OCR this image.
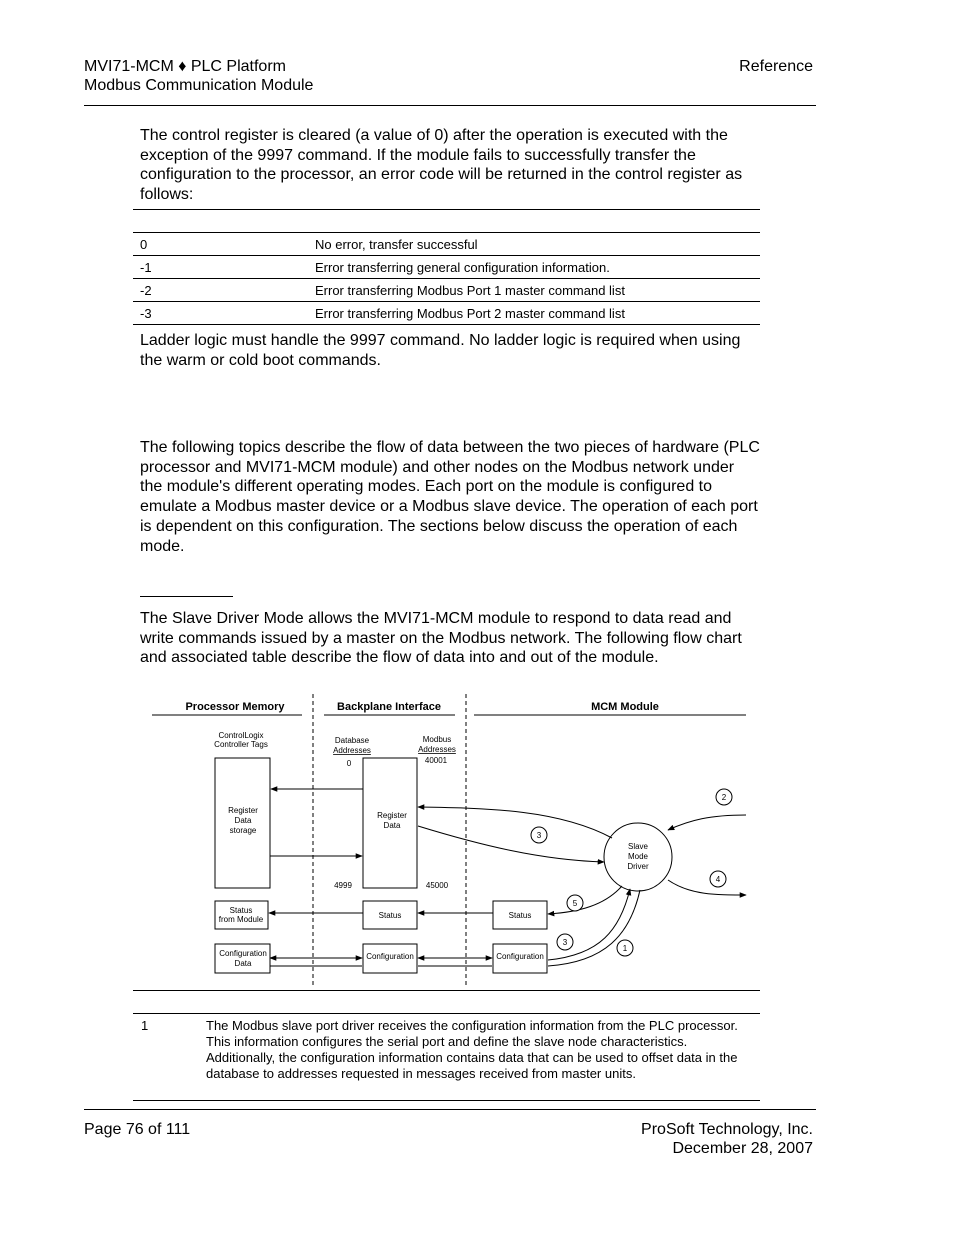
MVI71-MCM ♦ PLC Platform
Modbus Communication Module
Reference
The control register is cleared (a value of 0) after the operation is executed with the exception of the 9997 command. If the module fails to successfully transfer the configuration to the processor, an error code will be returned in the control register as follows:
0	No error, transfer successful
-1	Error transferring general configuration information.
-2	Error transferring Modbus Port 1 master command list
-3	Error transferring Modbus Port 2 master command list
Ladder logic must handle the 9997 command. No ladder logic is required when using the warm or cold boot commands.
The following topics describe the flow of data between the two pieces of hardware (PLC processor and MVI71-MCM module) and other nodes on the Modbus network under the module's different operating modes. Each port on the module is configured to emulate a Modbus master device or a Modbus slave device. The operation of each port is dependent on this configuration. The sections below discuss the operation of each mode.
The Slave Driver Mode allows the MVI71-MCM module to respond to data read and write commands issued by a master on the Modbus network. The following flow chart and associated table describe the flow of data into and out of the module.
Processor Memory	Backplane Interface	MCM Module
ControlLogix
Controller Tags	Database
Addresses
Modbus
Addresses
0	40001
4999	45000
Register
Data
storage
Status
from Module
Configuration
Data
Register
Data
Status
Configuration
Status
Configuration
Slave
Mode
Driver
3
2
4
5
3
1
1	The Modbus slave port driver receives the configuration information from the PLC processor. This information configures the serial port and define the slave node characteristics. Additionally, the configuration information contains data that can be used to offset data in the database to addresses requested in messages received from master units.
Page 76 of 111	ProSoft Technology, Inc.
December 28, 2007
